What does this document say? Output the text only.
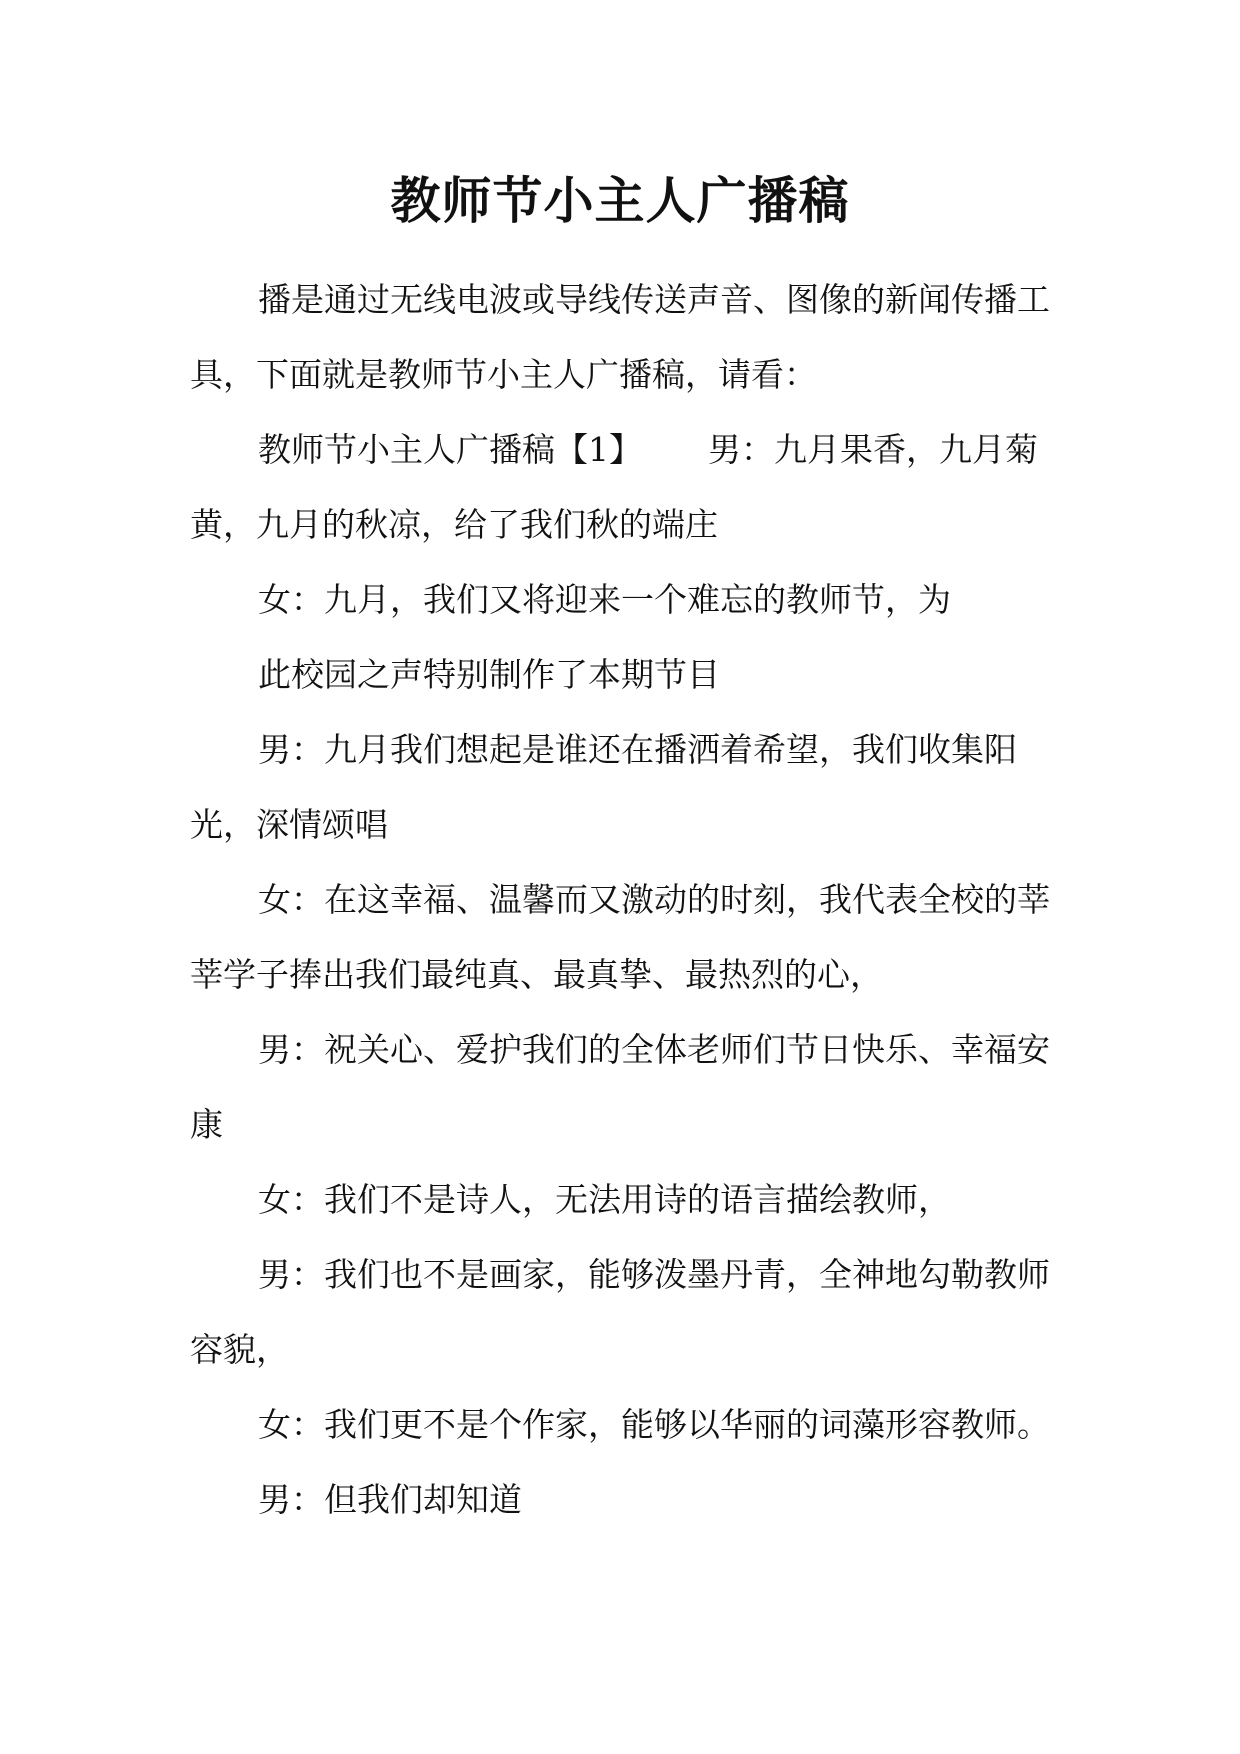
教师节小主人广播稿

播是通过无线电波或导线传送声音、图像的新闻传播工具，下面就是教师节小主人广播稿，请看：

教师节小主人广播稿【1】 男：九月果香，九月菊黄，九月的秋凉，给了我们秋的端庄

女：九月，我们又将迎来一个难忘的教师节，为

此校园之声特别制作了本期节目

男：九月我们想起是谁还在播洒着希望，我们收集阳光，深情颂唱

女：在这幸福、温馨而又激动的时刻，我代表全校的莘莘学子捧出我们最纯真、最真挚、最热烈的心，

男：祝关心、爱护我们的全体老师们节日快乐、幸福安康

女：我们不是诗人，无法用诗的语言描绘教师，

男：我们也不是画家，能够泼墨丹青，全神地勾勒教师容貌，

女：我们更不是个作家，能够以华丽的词藻形容教师。

男：但我们却知道
